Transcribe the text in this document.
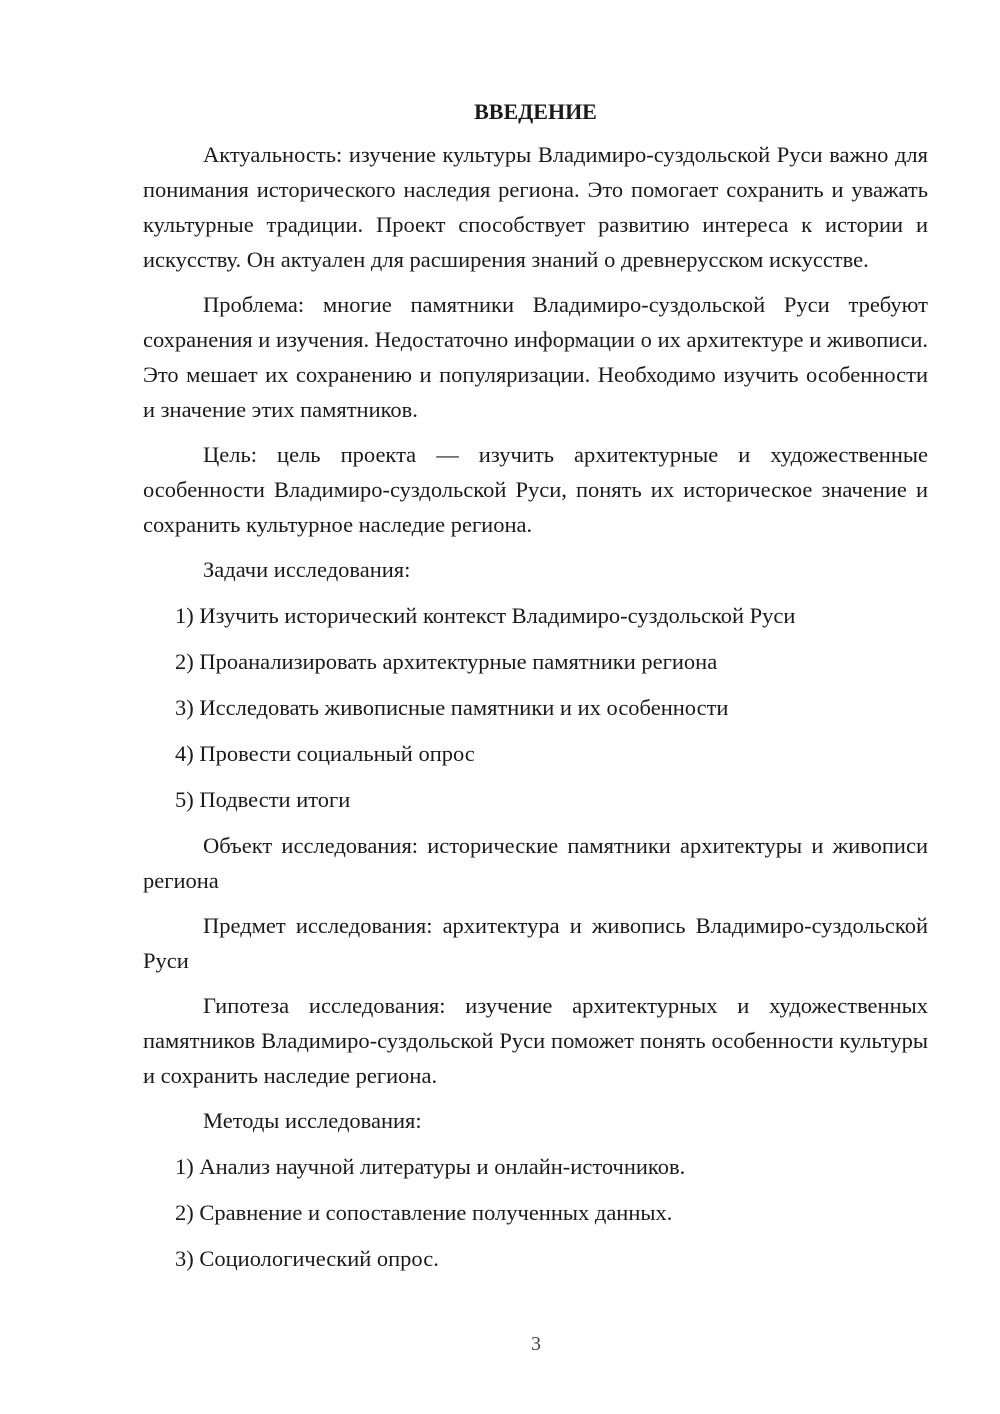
ВВЕДЕНИЕ

Актуальность: изучение культуры Владимиро-суздольской Руси важно для понимания исторического наследия региона. Это помогает сохранить и уважать культурные традиции. Проект способствует развитию интереса к истории и искусству. Он актуален для расширения знаний о древнерусском искусстве.

Проблема: многие памятники Владимиро-суздольской Руси требуют сохранения и изучения. Недостаточно информации о их архитектуре и живописи. Это мешает их сохранению и популяризации. Необходимо изучить особенности и значение этих памятников.

Цель: цель проекта — изучить архитектурные и художественные особенности Владимиро-суздольской Руси, понять их историческое значение и сохранить культурное наследие региона.

Задачи исследования:

1) Изучить исторический контекст Владимиро-суздольской Руси
2) Проанализировать архитектурные памятники региона
3) Исследовать живописные памятники и их особенности
4) Провести социальный опрос
5) Подвести итоги

Объект исследования: исторические памятники архитектуры и живописи региона

Предмет исследования: архитектура и живопись Владимиро-суздольской Руси

Гипотеза исследования: изучение архитектурных и художественных памятников Владимиро-суздольской Руси поможет понять особенности культуры и сохранить наследие региона.

Методы исследования:

1) Анализ научной литературы и онлайн-источников.
2) Сравнение и сопоставление полученных данных.
3) Социологический опрос.
3
